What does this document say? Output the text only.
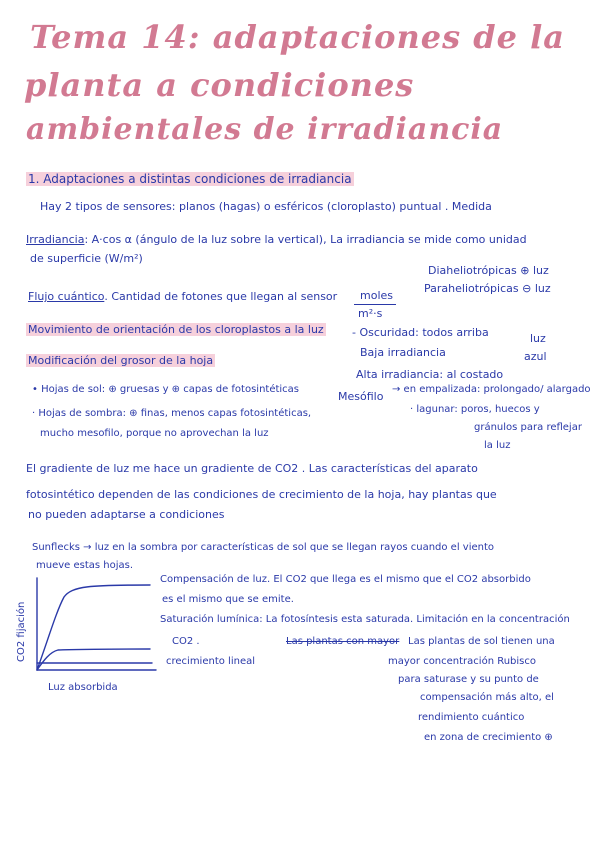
Tema 14: adaptaciones de la
planta a condiciones
ambientales de irradiancia
1. Adaptaciones a distintas condiciones de irradiancia
Hay 2 tipos de sensores: planos (hagas) o esféricos (cloroplasto) puntual . Medida
Irradiancia: A·cos α (ángulo de la luz sobre la vertical), La irradiancia se mide como unidad
de superficie (W/m²)
Diaheliotrópicas ⊕ luz
Paraheliotrópicas ⊖ luz
Flujo cuántico. Cantidad de fotones que llegan al sensor moles
m²·s
Movimiento de orientación de los cloroplastos a la luz	- Oscuridad: todos arriba	luz
Baja irradiancia	azul
Alta irradiancia: al costado
Modificación del grosor de la hoja
• Hojas de sol: ⊕ gruesas y ⊕ capas de fotosintéticas
Mesófilo
→ en empalizada: prolongado/ alargado
· Hojas de sombra: ⊕ finas, menos capas fotosintéticas,	· lagunar: poros, huecos y
gránulos para reflejar
la luz
mucho mesofilo, porque no aprovechan la luz
El gradiente de luz me hace un gradiente de CO2 . Las características del aparato
fotosintético dependen de las condiciones de crecimiento de la hoja, hay plantas que
no pueden adaptarse a condiciones
Sunflecks → luz en la sombra por características de sol que se llegan rayos cuando el viento
mueve estas hojas.
Compensación de luz. El CO2 que llega es el mismo que el CO2 absorbido
es el mismo que se emite.
Saturación lumínica: La fotosíntesis esta saturada. Limitación en la concentración
CO2 .	Las plantas con mayor Las plantas de sol tienen una
crecimiento lineal	mayor concentración Rubisco
para saturase y su punto de
compensación más alto, el
rendimiento cuántico
en zona de crecimiento ⊕
CO2 fijación
Luz absorbida
